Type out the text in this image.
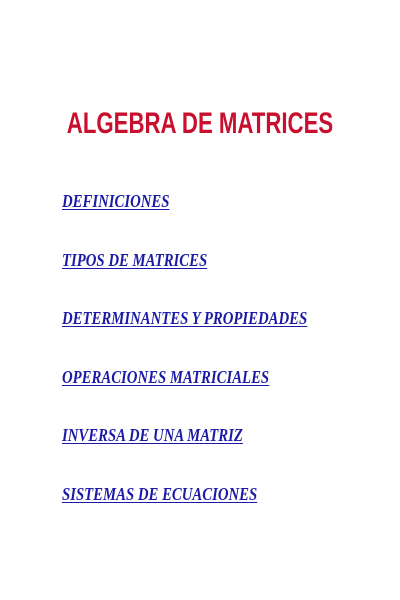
ALGEBRA DE MATRICES
DEFINICIONES
TIPOS DE MATRICES
DETERMINANTES Y PROPIEDADES
OPERACIONES MATRICIALES
INVERSA DE UNA MATRIZ
SISTEMAS DE ECUACIONES
